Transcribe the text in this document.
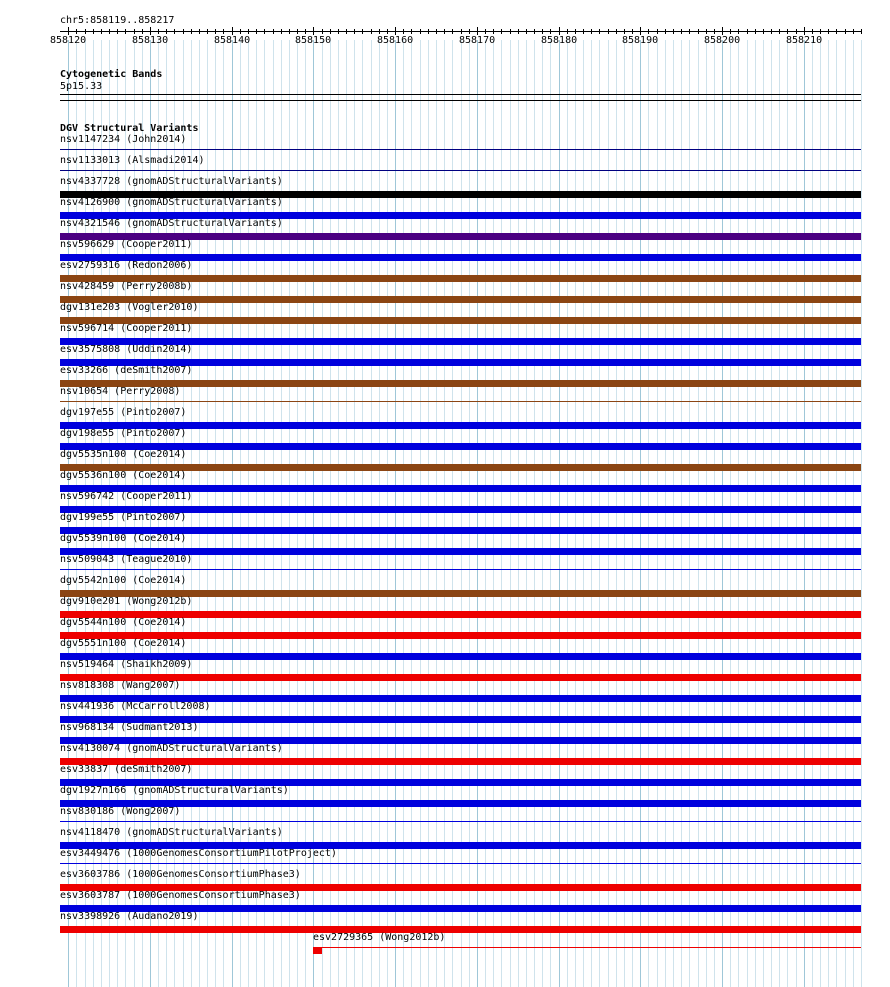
chr5:858119..858217
858120	858130	858140	858150	858160	858170	858180	858190	858200	858210
Cytogenetic Bands
5p15.33
DGV Structural Variants
nsv1147234 (John2014)
nsv1133013 (Alsmadi2014)
nsv4337728 (gnomADStructuralVariants)
nsv4126900 (gnomADStructuralVariants)
nsv4321546 (gnomADStructuralVariants)
nsv596629 (Cooper2011)
esv2759316 (Redon2006)
nsv428459 (Perry2008b)
dgv131e203 (Vogler2010)
nsv596714 (Cooper2011)
esv3575808 (Uddin2014)
esv33266 (deSmith2007)
nsv10654 (Perry2008)
dgv197e55 (Pinto2007)
dgv198e55 (Pinto2007)
dgv5535n100 (Coe2014)
dgv5536n100 (Coe2014)
nsv596742 (Cooper2011)
dgv199e55 (Pinto2007)
dgv5539n100 (Coe2014)
nsv509043 (Teague2010)
dgv5542n100 (Coe2014)
dgv910e201 (Wong2012b)
dgv5544n100 (Coe2014)
dgv5551n100 (Coe2014)
nsv519464 (Shaikh2009)
nsv818308 (Wang2007)
nsv441936 (McCarroll2008)
nsv968134 (Sudmant2013)
nsv4130074 (gnomADStructuralVariants)
esv33837 (deSmith2007)
dgv1927n166 (gnomADStructuralVariants)
nsv830186 (Wong2007)
nsv4118470 (gnomADStructuralVariants)
esv3449476 (1000GenomesConsortiumPilotProject)
esv3603786 (1000GenomesConsortiumPhase3)
esv3603787 (1000GenomesConsortiumPhase3)
nsv3398926 (Audano2019)
esv2729365 (Wong2012b)
